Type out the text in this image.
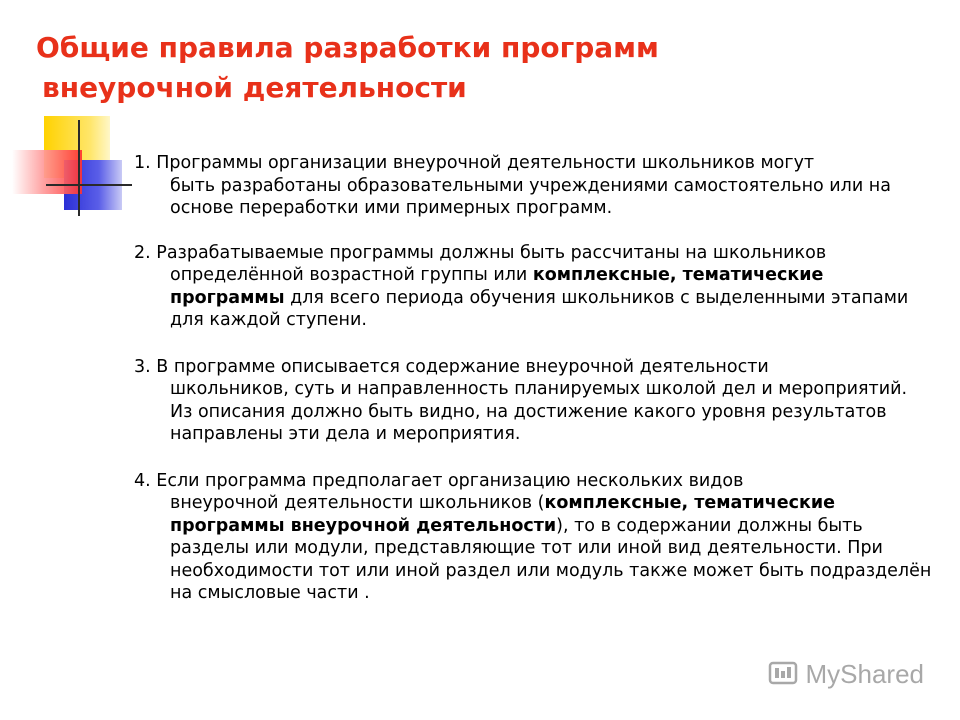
Общие правила разработки программ
внеурочной деятельности

1. Программы организации внеурочной деятельности школьников могут
быть разработаны образовательными учреждениями самостоятельно или на основе переработки ими примерных программ.

2. Разрабатываемые программы должны быть рассчитаны на школьников
определённой возрастной группы или комплексные, тематические программы для всего периода обучения школьников с выделенными этапами для каждой ступени.

3. В программе описывается содержание внеурочной деятельности
школьников, суть и направленность планируемых школой дел и мероприятий. Из описания должно быть видно, на достижение какого уровня результатов направлены эти дела и мероприятия.

4. Если программа предполагает организацию нескольких видов
внеурочной деятельности школьников (комплексные, тематические программы внеурочной деятельности), то в содержании должны быть разделы или модули, представляющие тот или иной вид деятельности. При необходимости тот или иной раздел или модуль также может быть подразделён на смысловые части .

MyShared
